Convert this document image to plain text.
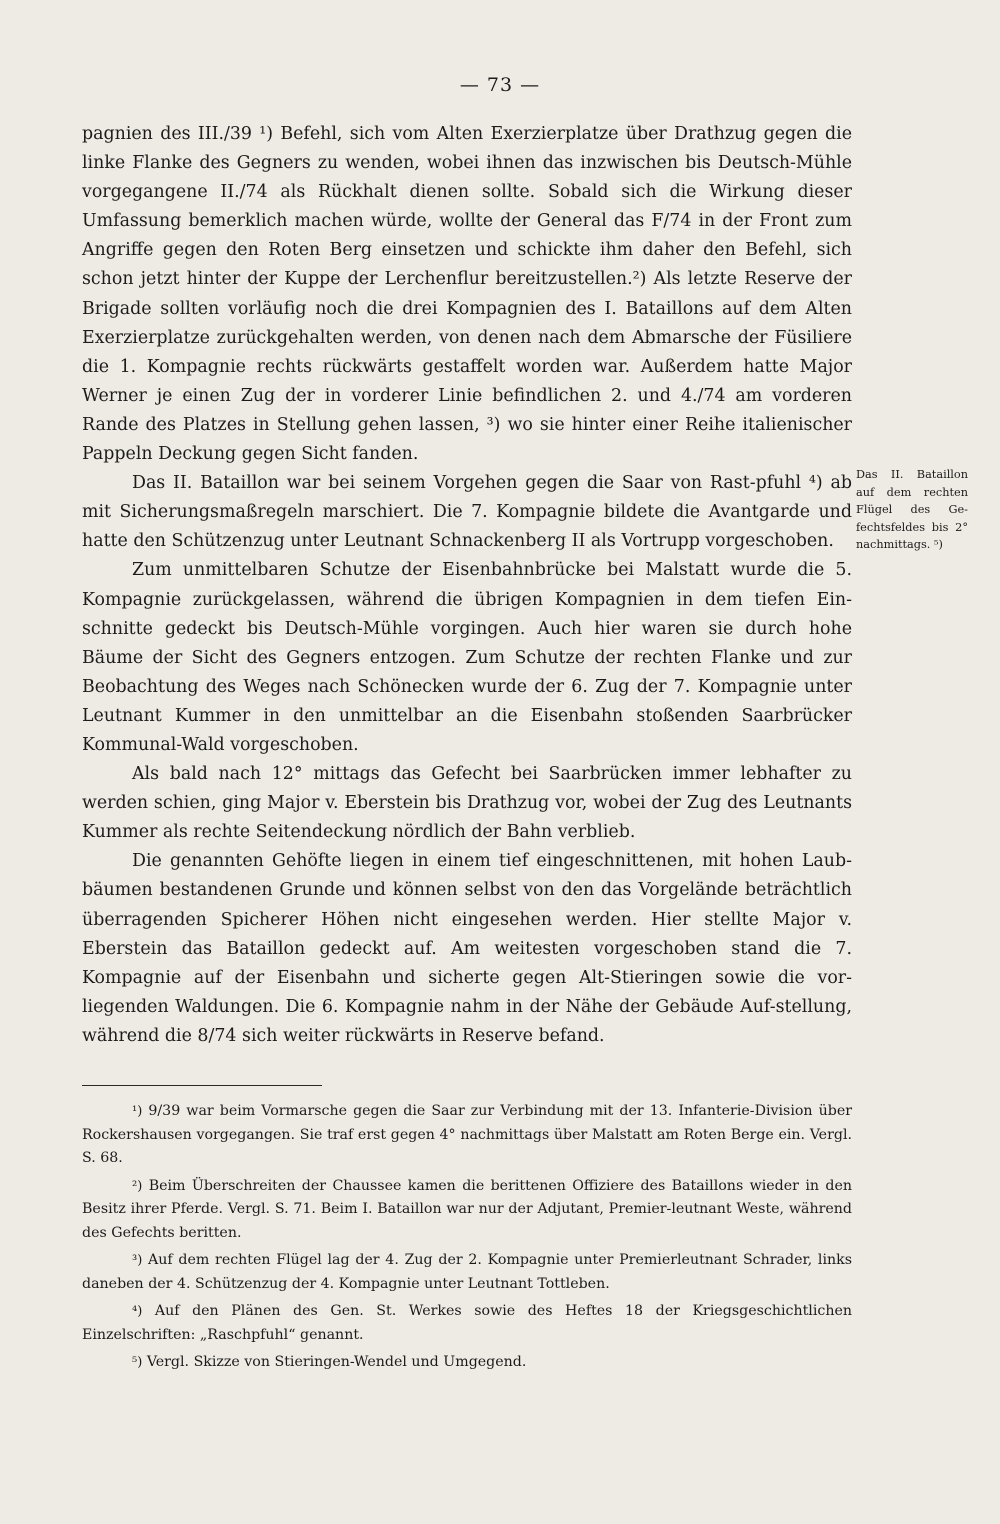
— 73 —

pagnien des III./39 ¹) Befehl, sich vom Alten Exerzierplatze über Drathzug gegen die linke Flanke des Gegners zu wenden, wobei ihnen das inzwischen bis Deutsch-Mühle vorgegangene II./74 als Rückhalt dienen sollte. Sobald sich die Wirkung dieser Umfassung bemerklich machen würde, wollte der General das F/74 in der Front zum Angriffe gegen den Roten Berg einsetzen und schickte ihm daher den Befehl, sich schon jetzt hinter der Kuppe der Lerchenflur bereitzustellen.²) Als letzte Reserve der Brigade sollten vorläufig noch die drei Kompagnien des I. Bataillons auf dem Alten Exerzierplatze zurückgehalten werden, von denen nach dem Abmarsche der Füsiliere die 1. Kompagnie rechts rückwärts gestaffelt worden war. Außerdem hatte Major Werner je einen Zug der in vorderer Linie befindlichen 2. und 4./74 am vorderen Rande des Platzes in Stellung gehen lassen, ³) wo sie hinter einer Reihe italienischer Pappeln Deckung gegen Sicht fanden.

Das II. Bataillon war bei seinem Vorgehen gegen die Saar von Rast-pfuhl ⁴) ab mit Sicherungsmaßregeln marschiert. Die 7. Kompagnie bildete die Avantgarde und hatte den Schützenzug unter Leutnant Schnackenberg II als Vortrupp vorgeschoben.

Zum unmittelbaren Schutze der Eisenbahnbrücke bei Malstatt wurde die 5. Kompagnie zurückgelassen, während die übrigen Kompagnien in dem tiefen Ein-schnitte gedeckt bis Deutsch-Mühle vorgingen. Auch hier waren sie durch hohe Bäume der Sicht des Gegners entzogen. Zum Schutze der rechten Flanke und zur Beobachtung des Weges nach Schönecken wurde der 6. Zug der 7. Kompagnie unter Leutnant Kummer in den unmittelbar an die Eisenbahn stoßenden Saarbrücker Kommunal-Wald vorgeschoben.

Als bald nach 12° mittags das Gefecht bei Saarbrücken immer lebhafter zu werden schien, ging Major v. Eberstein bis Drathzug vor, wobei der Zug des Leutnants Kummer als rechte Seitendeckung nördlich der Bahn verblieb.

Die genannten Gehöfte liegen in einem tief eingeschnittenen, mit hohen Laub-bäumen bestandenen Grunde und können selbst von den das Vorgelände beträchtlich überragenden Spicherer Höhen nicht eingesehen werden. Hier stellte Major v. Eberstein das Bataillon gedeckt auf. Am weitesten vorgeschoben stand die 7. Kompagnie auf der Eisenbahn und sicherte gegen Alt-Stieringen sowie die vor-liegenden Waldungen. Die 6. Kompagnie nahm in der Nähe der Gebäude Auf-stellung, während die 8/74 sich weiter rückwärts in Reserve befand.

Das II. Bataillon auf dem rechten Flügel des Ge-fechtsfeldes bis 2° nachmittags. ⁵)

¹) 9/39 war beim Vormarsche gegen die Saar zur Verbindung mit der 13. Infanterie-Division über Rockershausen vorgegangen. Sie traf erst gegen 4° nachmittags über Malstatt am Roten Berge ein. Vergl. S. 68.

²) Beim Überschreiten der Chaussee kamen die berittenen Offiziere des Bataillons wieder in den Besitz ihrer Pferde. Vergl. S. 71. Beim I. Bataillon war nur der Adjutant, Premier-leutnant Weste, während des Gefechts beritten.

³) Auf dem rechten Flügel lag der 4. Zug der 2. Kompagnie unter Premierleutnant Schrader, links daneben der 4. Schützenzug der 4. Kompagnie unter Leutnant Tottleben.

⁴) Auf den Plänen des Gen. St. Werkes sowie des Heftes 18 der Kriegsgeschichtlichen Einzelschriften: „Raschpfuhl“ genannt.

⁵) Vergl. Skizze von Stieringen-Wendel und Umgegend.
